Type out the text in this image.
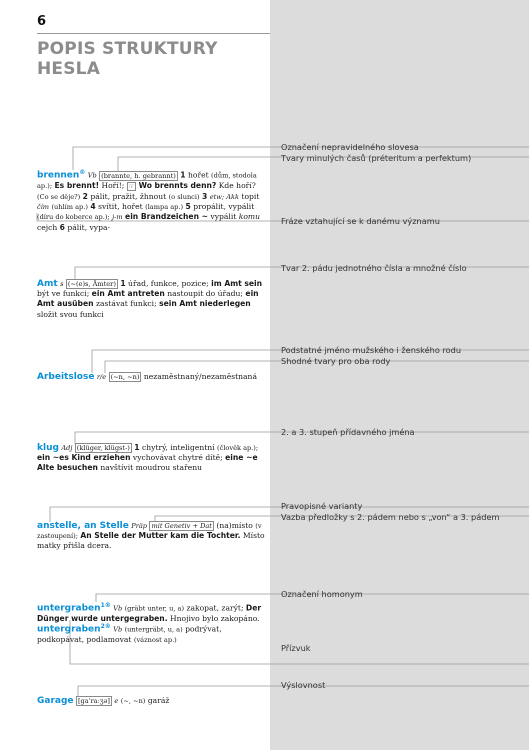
6
POPIS STRUKTURY
HESLA
brennen® Vb (brannte, h. gebrannt) 1 hořet (dům, stodola ap.); Es brennt! Hoří!; ☞ Wo brennts denn? Kde hoří? (Co se děje?) 2 pálit, pražit, žhnout (o slunci) 3 etw; Akk topit čím (uhlím ap.) 4 svítit, hořet (lampa ap.) 5 propálit, vypálit (díru do koberce ap.); j-m ein Brandzeichen ~ vypálit komu cejch 6 pálit, vypa-
Amt s (~(e)s, Ämter) 1 úřad, funkce, pozice; im Amt sein být ve funkci; ein Amt antreten nastoupit do úřadu; ein Amt ausüben zastávat funkci; sein Amt niederlegen složit svou funkci
Arbeitslose r/e (~n, ~n) nezaměstnaný/nezaměstnaná
klug Adj (klüger, klügst-) 1 chytrý, inteligentní (člověk ap.); ein ~es Kind erziehen vychovávat chytré dítě; eine ~e Alte besuchen navštívit moudrou stařenu
anstelle, an Stelle Präp mit Genetiv + Dat (na)místo (v zastoupení); An Stelle der Mutter kam die Tochter. Místo matky přišla dcera.
untergraben$^{1®}$ Vb (gräbt unter, u, a) zakopat, zarýt; Der Dünger wurde untergegraben. Hnojivo bylo zakopáno.
untergraben$^{2®}$ Vb (untergräbt, u, a) podrývat, podkopávat, podlamovat (váznost ap.)
Garage [gaˈraːʒə] e (~, ~n) garáž
Označení nepravidelného slovesa
Tvary minulých časů (préteritum a perfektum)
Fráze vztahující se k danému významu
Tvar 2. pádu jednotného čísla a množné číslo
Podstatné jméno mužského i ženského rodu
Shodné tvary pro oba rody
2. a 3. stupeň přídavného jména
Pravopisné varianty
Vazba předložky s 2. pádem nebo s „von“ a 3. pádem
Označení homonym
Přízvuk
Výslovnost
